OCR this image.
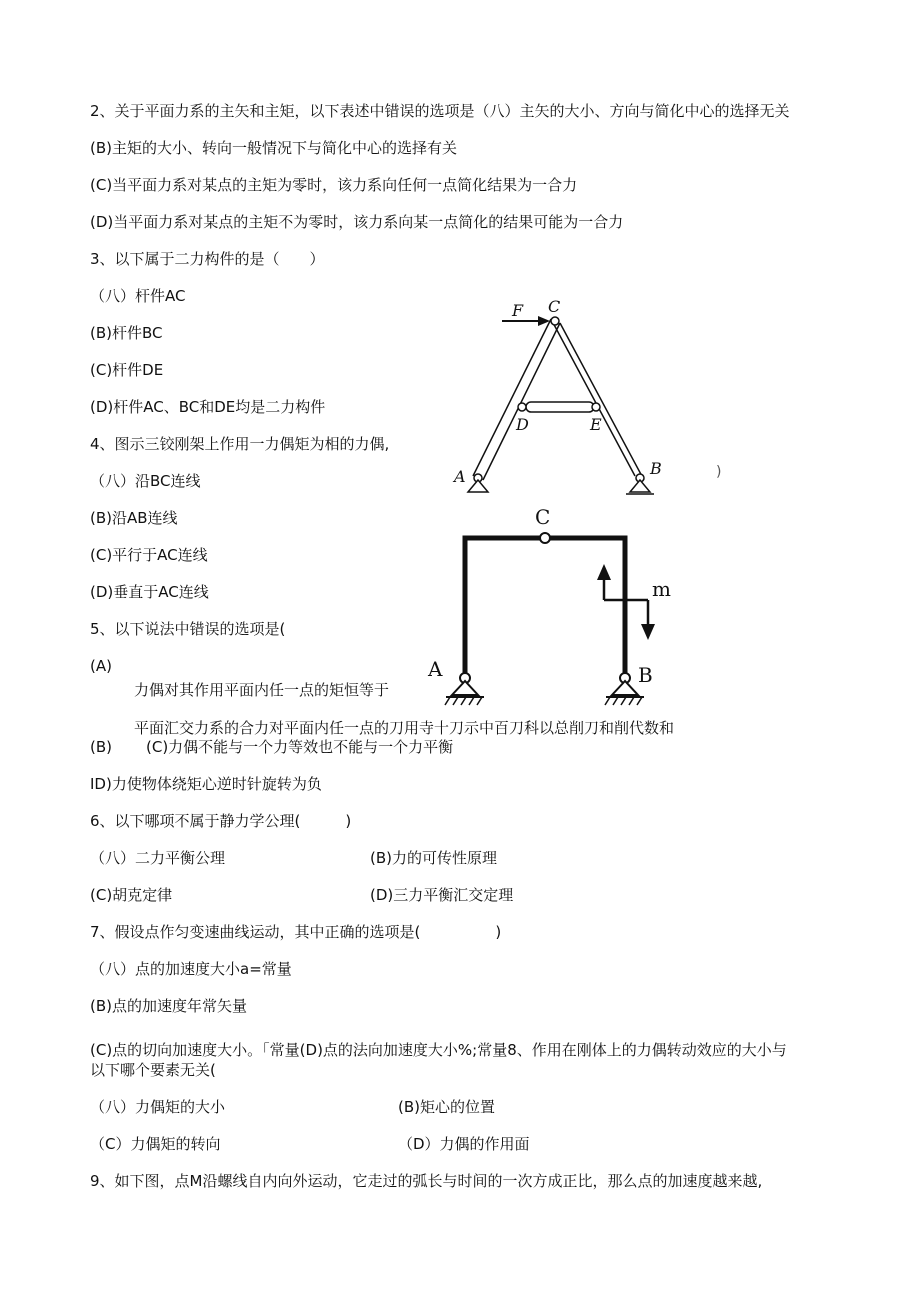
2、关于平面力系的主矢和主矩，以下表述中错误的选项是（八）主矢的大小、方向与简化中心的选择无关
(B)主矩的大小、转向一般情况下与简化中心的选择有关
(C)当平面力系对某点的主矩为零时，该力系向任何一点简化结果为一合力
(D)当平面力系对某点的主矩不为零时，该力系向某一点简化的结果可能为一合力
3、以下属于二力构件的是（　　）
（八）杆件AC
(B)杆件BC
(C)杆件DE
(D)杆件AC、BC和DE均是二力构件
4、图示三铰刚架上作用一力偶矩为相的力偶,
（八）沿BC连线
(B)沿AB连线
(C)平行于AC连线
(D)垂直于AC连线
5、以下说法中错误的选项是(
(A)
力偶对其作用平面内任一点的矩恒等于
平面汇交力系的合力对平面内任一点的刀用寺十刀示中百刀科以总削刀和削代数和
(B) (C)力偶不能与一个力等效也不能与一个力平衡
ID)力使物体绕矩心逆时针旋转为负
6、以下哪项不属于静力学公理(　　　)
（八）二力平衡公理	(B)力的可传性原理
(C)胡克定律	(D)三力平衡汇交定理
7、假设点作匀变速曲线运动，其中正确的选项是(　　　　　)
（八）点的加速度大小a=常量
(B)点的加速度年常矢量
(C)点的切向加速度大小。「常量(D)点的法向加速度大小%;常量8、作用在刚体上的力偶转动效应的大小与
以下哪个要素无关(
（八）力偶矩的大小	(B)矩心的位置
（C）力偶矩的转向	（D）力偶的作用面
9、如下图，点M沿螺线自内向外运动，它走过的弧长与时间的一次方成正比，那么点的加速度越来越,
F C
D	E
A	B	)
C
m
A	B
